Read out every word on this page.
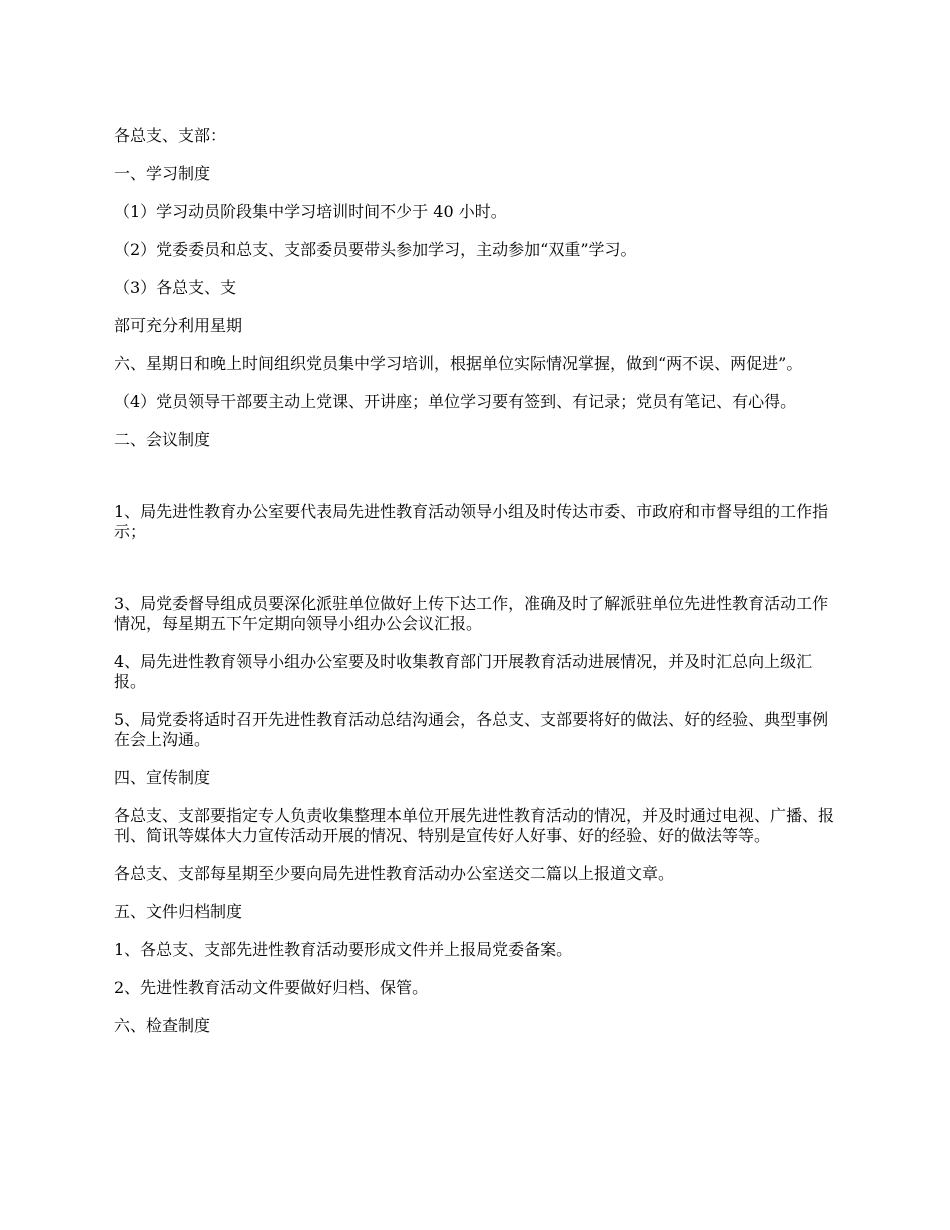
各总支、支部：

一、学习制度

（1）学习动员阶段集中学习培训时间不少于 40 小时。

（2）党委委员和总支、支部委员要带头参加学习，主动参加“双重”学习。

（3）各总支、支

部可充分利用星期

六、星期日和晚上时间组织党员集中学习培训，根据单位实际情况掌握，做到“两不误、两促进”。

（4）党员领导干部要主动上党课、开讲座；单位学习要有签到、有记录；党员有笔记、有心得。

二、会议制度

1、局先进性教育办公室要代表局先进性教育活动领导小组及时传达市委、市政府和市督导组的工作指示；

3、局党委督导组成员要深化派驻单位做好上传下达工作，准确及时了解派驻单位先进性教育活动工作情况，每星期五下午定期向领导小组办公会议汇报。

4、局先进性教育领导小组办公室要及时收集教育部门开展教育活动进展情况，并及时汇总向上级汇报。

5、局党委将适时召开先进性教育活动总结沟通会，各总支、支部要将好的做法、好的经验、典型事例在会上沟通。

四、宣传制度

各总支、支部要指定专人负责收集整理本单位开展先进性教育活动的情况，并及时通过电视、广播、报刊、简讯等媒体大力宣传活动开展的情况、特别是宣传好人好事、好的经验、好的做法等等。

各总支、支部每星期至少要向局先进性教育活动办公室送交二篇以上报道文章。

五、文件归档制度

1、各总支、支部先进性教育活动要形成文件并上报局党委备案。

2、先进性教育活动文件要做好归档、保管。

六、检查制度
